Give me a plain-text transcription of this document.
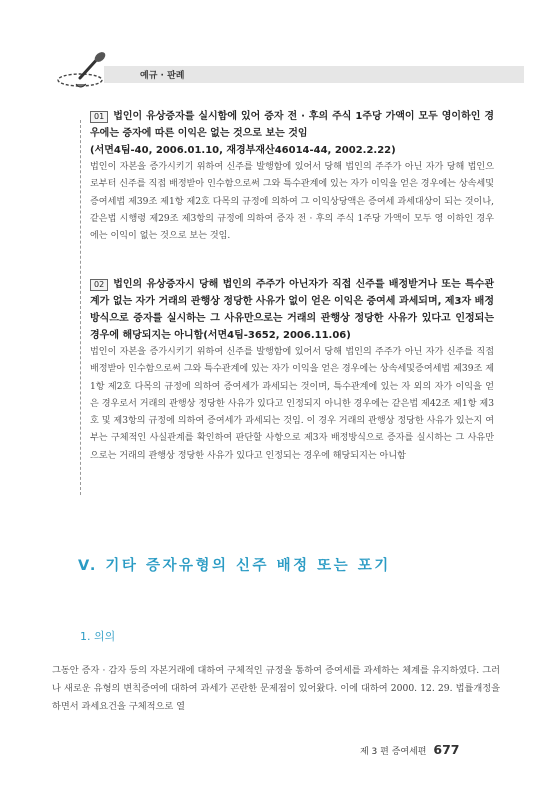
예규 · 판례
01 법인이 유상증자를 실시함에 있어 증자 전 · 후의 주식 1주당 가액이 모두 영이하인 경우에는 증자에 따른 이익은 없는 것으로 보는 것임
(서면4팀-40, 2006.01.10, 재경부재산46014-44, 2002.2.22)
법인이 자본을 증가시키기 위하여 신주를 발행함에 있어서 당해 법인의 주주가 아닌 자가 당해 법인으로부터 신주를 직접 배정받아 인수함으로써 그와 특수관계에 있는 자가 이익을 얻은 경우에는 상속세및증여세법 제39조 제1항 제2호 다목의 규정에 의하여 그 이익상당액은 증여세 과세대상이 되는 것이나, 같은법 시행령 제29조 제3항의 규정에 의하여 증자 전 · 후의 주식 1주당 가액이 모두 영 이하인 경우에는 이익이 없는 것으로 보는 것임.
02 법인의 유상증자시 당해 법인의 주주가 아닌자가 직접 신주를 배정받거나 또는 특수관계가 없는 자가 거래의 관행상 정당한 사유가 없이 얻은 이익은 증여세 과세되며, 제3자 배정방식으로 증자를 실시하는 그 사유만으로는 거래의 관행상 정당한 사유가 있다고 인정되는 경우에 해당되지는 아니함(서면4팀-3652, 2006.11.06)
법인이 자본을 증가시키기 위하여 신주를 발행함에 있어서 당해 법인의 주주가 아닌 자가 신주를 직접 배정받아 인수함으로써 그와 특수관계에 있는 자가 이익을 얻은 경우에는 상속세및증여세법 제39조 제1항 제2호 다목의 규정에 의하여 증여세가 과세되는 것이며, 특수관계에 있는 자 외의 자가 이익을 얻은 경우로서 거래의 관행상 정당한 사유가 있다고 인정되지 아니한 경우에는 같은법 제42조 제1항 제3호 및 제3항의 규정에 의하여 증여세가 과세되는 것임. 이 경우 거래의 관행상 정당한 사유가 있는지 여부는 구체적인 사실관계를 확인하여 판단할 사항으로 제3자 배정방식으로 증자를 실시하는 그 사유만으로는 거래의 관행상 정당한 사유가 있다고 인정되는 경우에 해당되지는 아니함
V. 기타 증자유형의 신주 배정 또는 포기
1. 의의
그동안 증자 · 감자 등의 자본거래에 대하여 구체적인 규정을 통하여 증여세를 과세하는 체계를 유지하였다. 그러나 새로운 유형의 변칙증여에 대하여 과세가 곤란한 문제점이 있어왔다. 이에 대하여 2000. 12. 29. 법률개정을 하면서 과세요건을 구체적으로 열
제 3 편 증여세편 677
